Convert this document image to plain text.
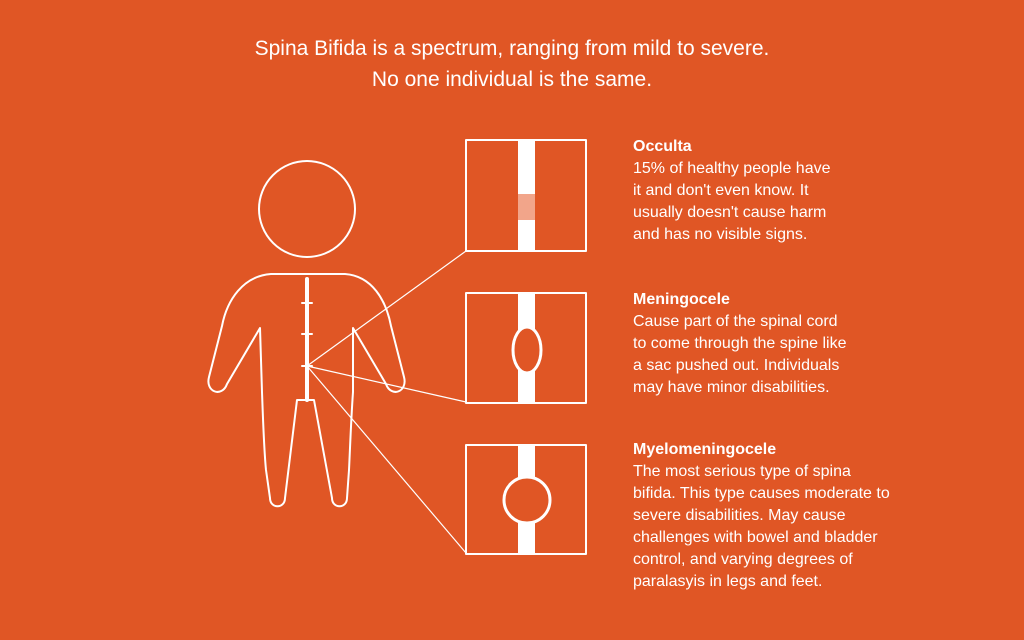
Spina Bifida is a spectrum, ranging from mild to severe.
No one individual is the same.
Occulta
15% of healthy people have
it and don't even know. It
usually doesn't cause harm
and has no visible signs.
Meningocele
Cause part of the spinal cord
to come through the spine like
a sac pushed out. Individuals
may have minor disabilities.
Myelomeningocele
The most serious type of spina
bifida. This type causes moderate to
severe disabilities. May cause
challenges with bowel and bladder
control, and varying degrees of
paralasyis in legs and feet.
